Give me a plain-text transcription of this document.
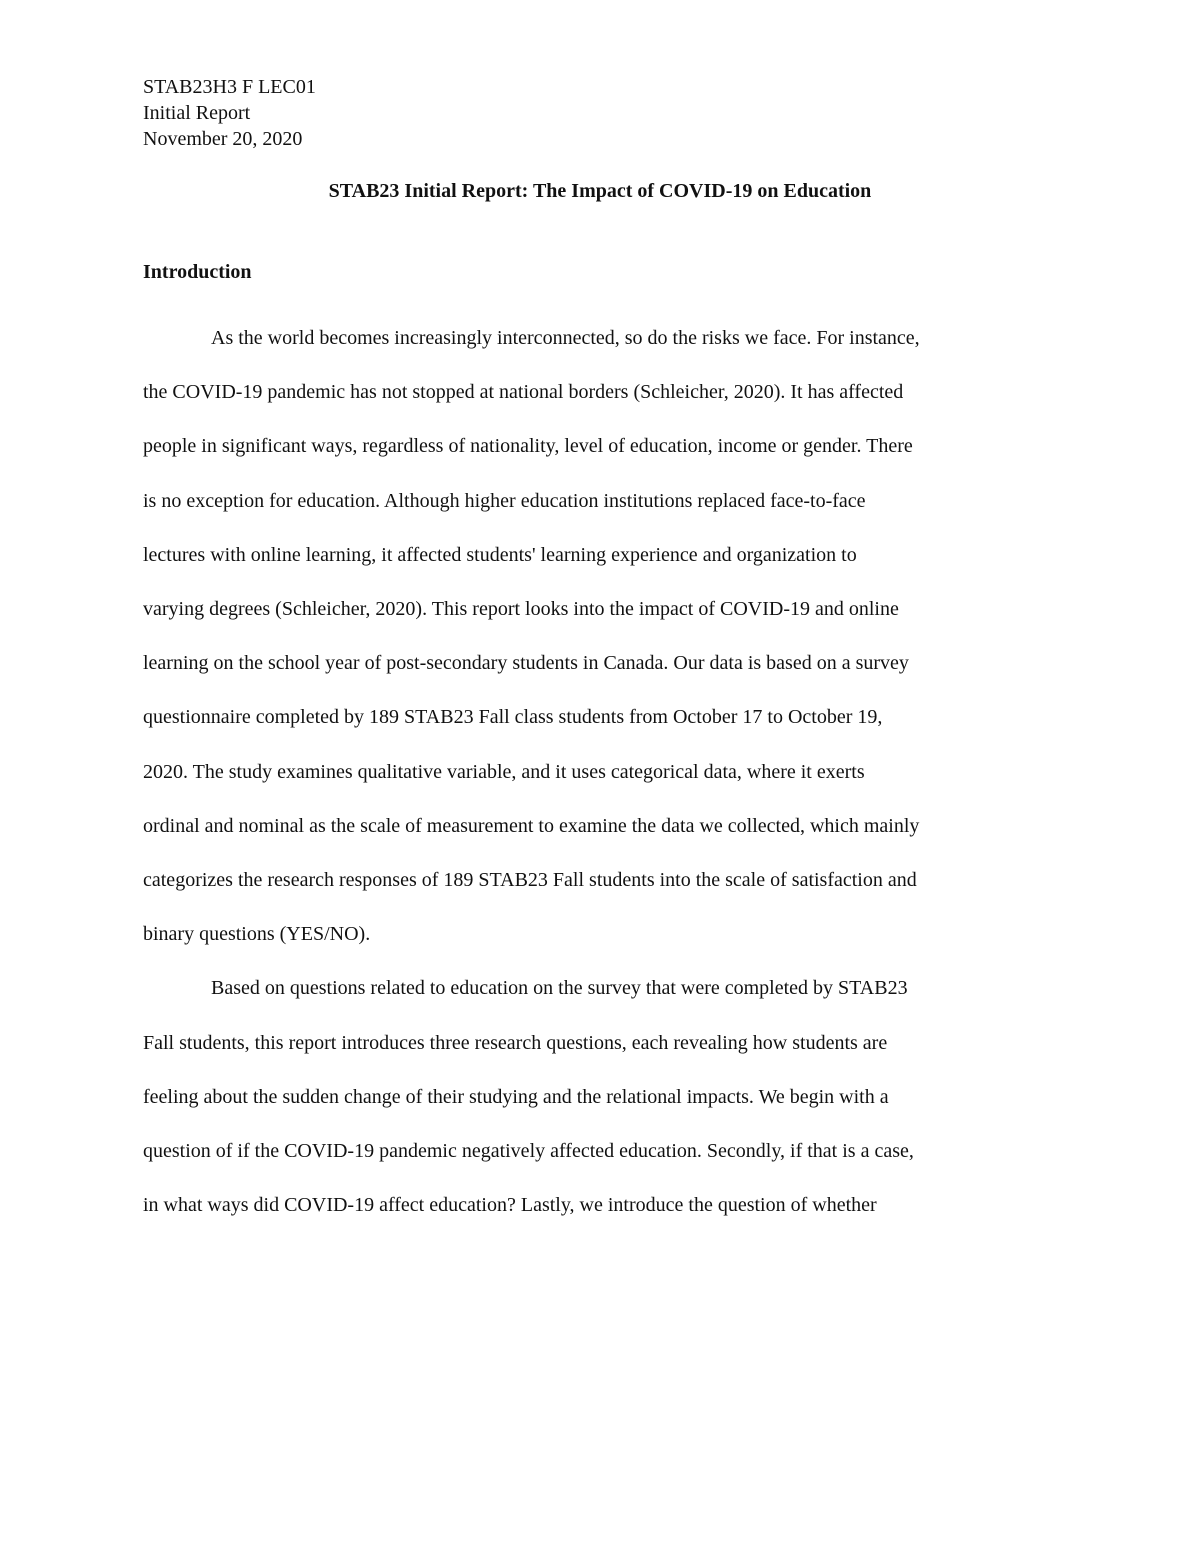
STAB23H3 F LEC01
Initial Report
November 20, 2020
STAB23 Initial Report: The Impact of COVID-19 on Education
Introduction

As the world becomes increasingly interconnected, so do the risks we face. For instance,
the COVID-19 pandemic has not stopped at national borders (Schleicher, 2020). It has affected
people in significant ways, regardless of nationality, level of education, income or gender. There
is no exception for education. Although higher education institutions replaced face-to-face
lectures with online learning, it affected students' learning experience and organization to
varying degrees (Schleicher, 2020). This report looks into the impact of COVID-19 and online
learning on the school year of post-secondary students in Canada. Our data is based on a survey
questionnaire completed by 189 STAB23 Fall class students from October 17 to October 19,
2020. The study examines qualitative variable, and it uses categorical data, where it exerts
ordinal and nominal as the scale of measurement to examine the data we collected, which mainly
categorizes the research responses of 189 STAB23 Fall students into the scale of satisfaction and
binary questions (YES/NO).

Based on questions related to education on the survey that were completed by STAB23
Fall students, this report introduces three research questions, each revealing how students are
feeling about the sudden change of their studying and the relational impacts. We begin with a
question of if the COVID-19 pandemic negatively affected education. Secondly, if that is a case,
in what ways did COVID-19 affect education? Lastly, we introduce the question of whether
